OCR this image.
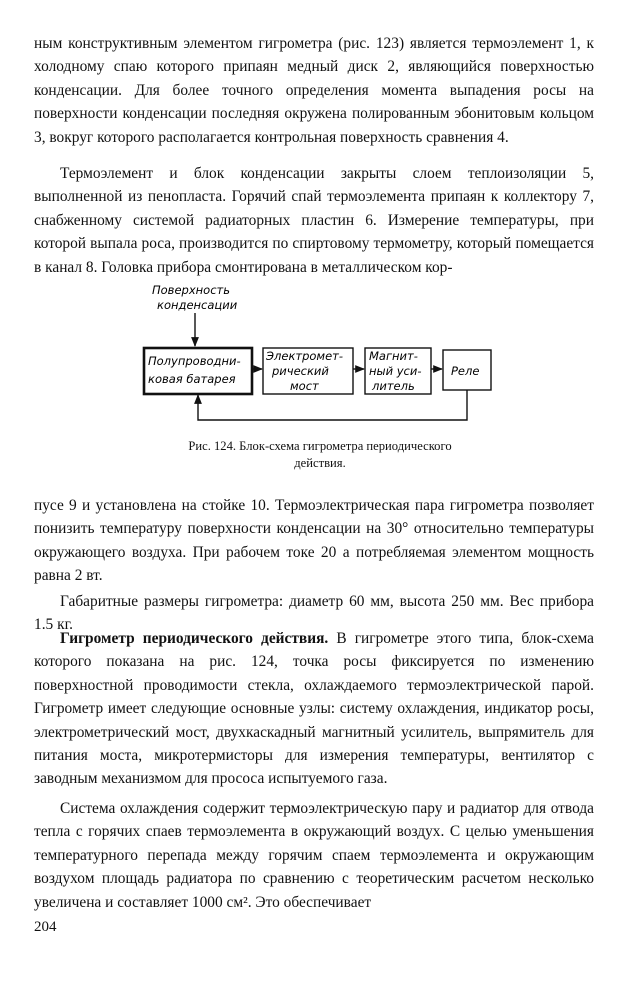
ным конструктивным элементом гигрометра (рис. 123) является термоэлемент 1, к холодному спаю которого припаян медный диск 2, являющийся поверхностью конденсации. Для более точного определения момента выпадения росы на поверхности конденсации последняя окружена полированным эбонитовым кольцом 3, вокруг которого располагается контрольная поверхность сравнения 4.

Термоэлемент и блок конденсации закрыты слоем теплоизоляции 5, выполненной из пенопласта. Горячий спай термоэлемента припаян к коллектору 7, снабженному системой радиаторных пластин 6. Измерение температуры, при которой выпала роса, производится по спиртовому термометру, который помещается в канал 8. Головка прибора смонтирована в металлическом кор-

Поверхность
конденсации
Полупроводни-
ковая батарея
Электромет-
рический
мост
Магнит-
ный уси-
литель
Реле
Рис. 124. Блок-схема гигрометра периодического
действия.

пусе 9 и установлена на стойке 10. Термоэлектрическая пара гигрометра позволяет понизить температуру поверхности конденсации на 30° относительно температуры окружающего воздуха. При рабочем токе 20 а потребляемая элементом мощность равна 2 вт.

Габаритные размеры гигрометра: диаметр 60 мм, высота 250 мм. Вес прибора 1.5 кг.

Гигрометр периодического действия. В гигрометре этого типа, блок-схема которого показана на рис. 124, точка росы фиксируется по изменению поверхностной проводимости стекла, охлаждаемого термоэлектрической парой. Гигрометр имеет следующие основные узлы: систему охлаждения, индикатор росы, электрометрический мост, двухкаскадный магнитный усилитель, выпрямитель для питания моста, микротермисторы для измерения температуры, вентилятор с заводным механизмом для прососа испытуемого газа.

Система охлаждения содержит термоэлектрическую пару и радиатор для отвода тепла с горячих спаев термоэлемента в окружающий воздух. С целью уменьшения температурного перепада между горячим спаем термоэлемента и окружающим воздухом площадь радиатора по сравнению с теоретическим расчетом несколько увеличена и составляет 1000 см². Это обеспечивает

204
